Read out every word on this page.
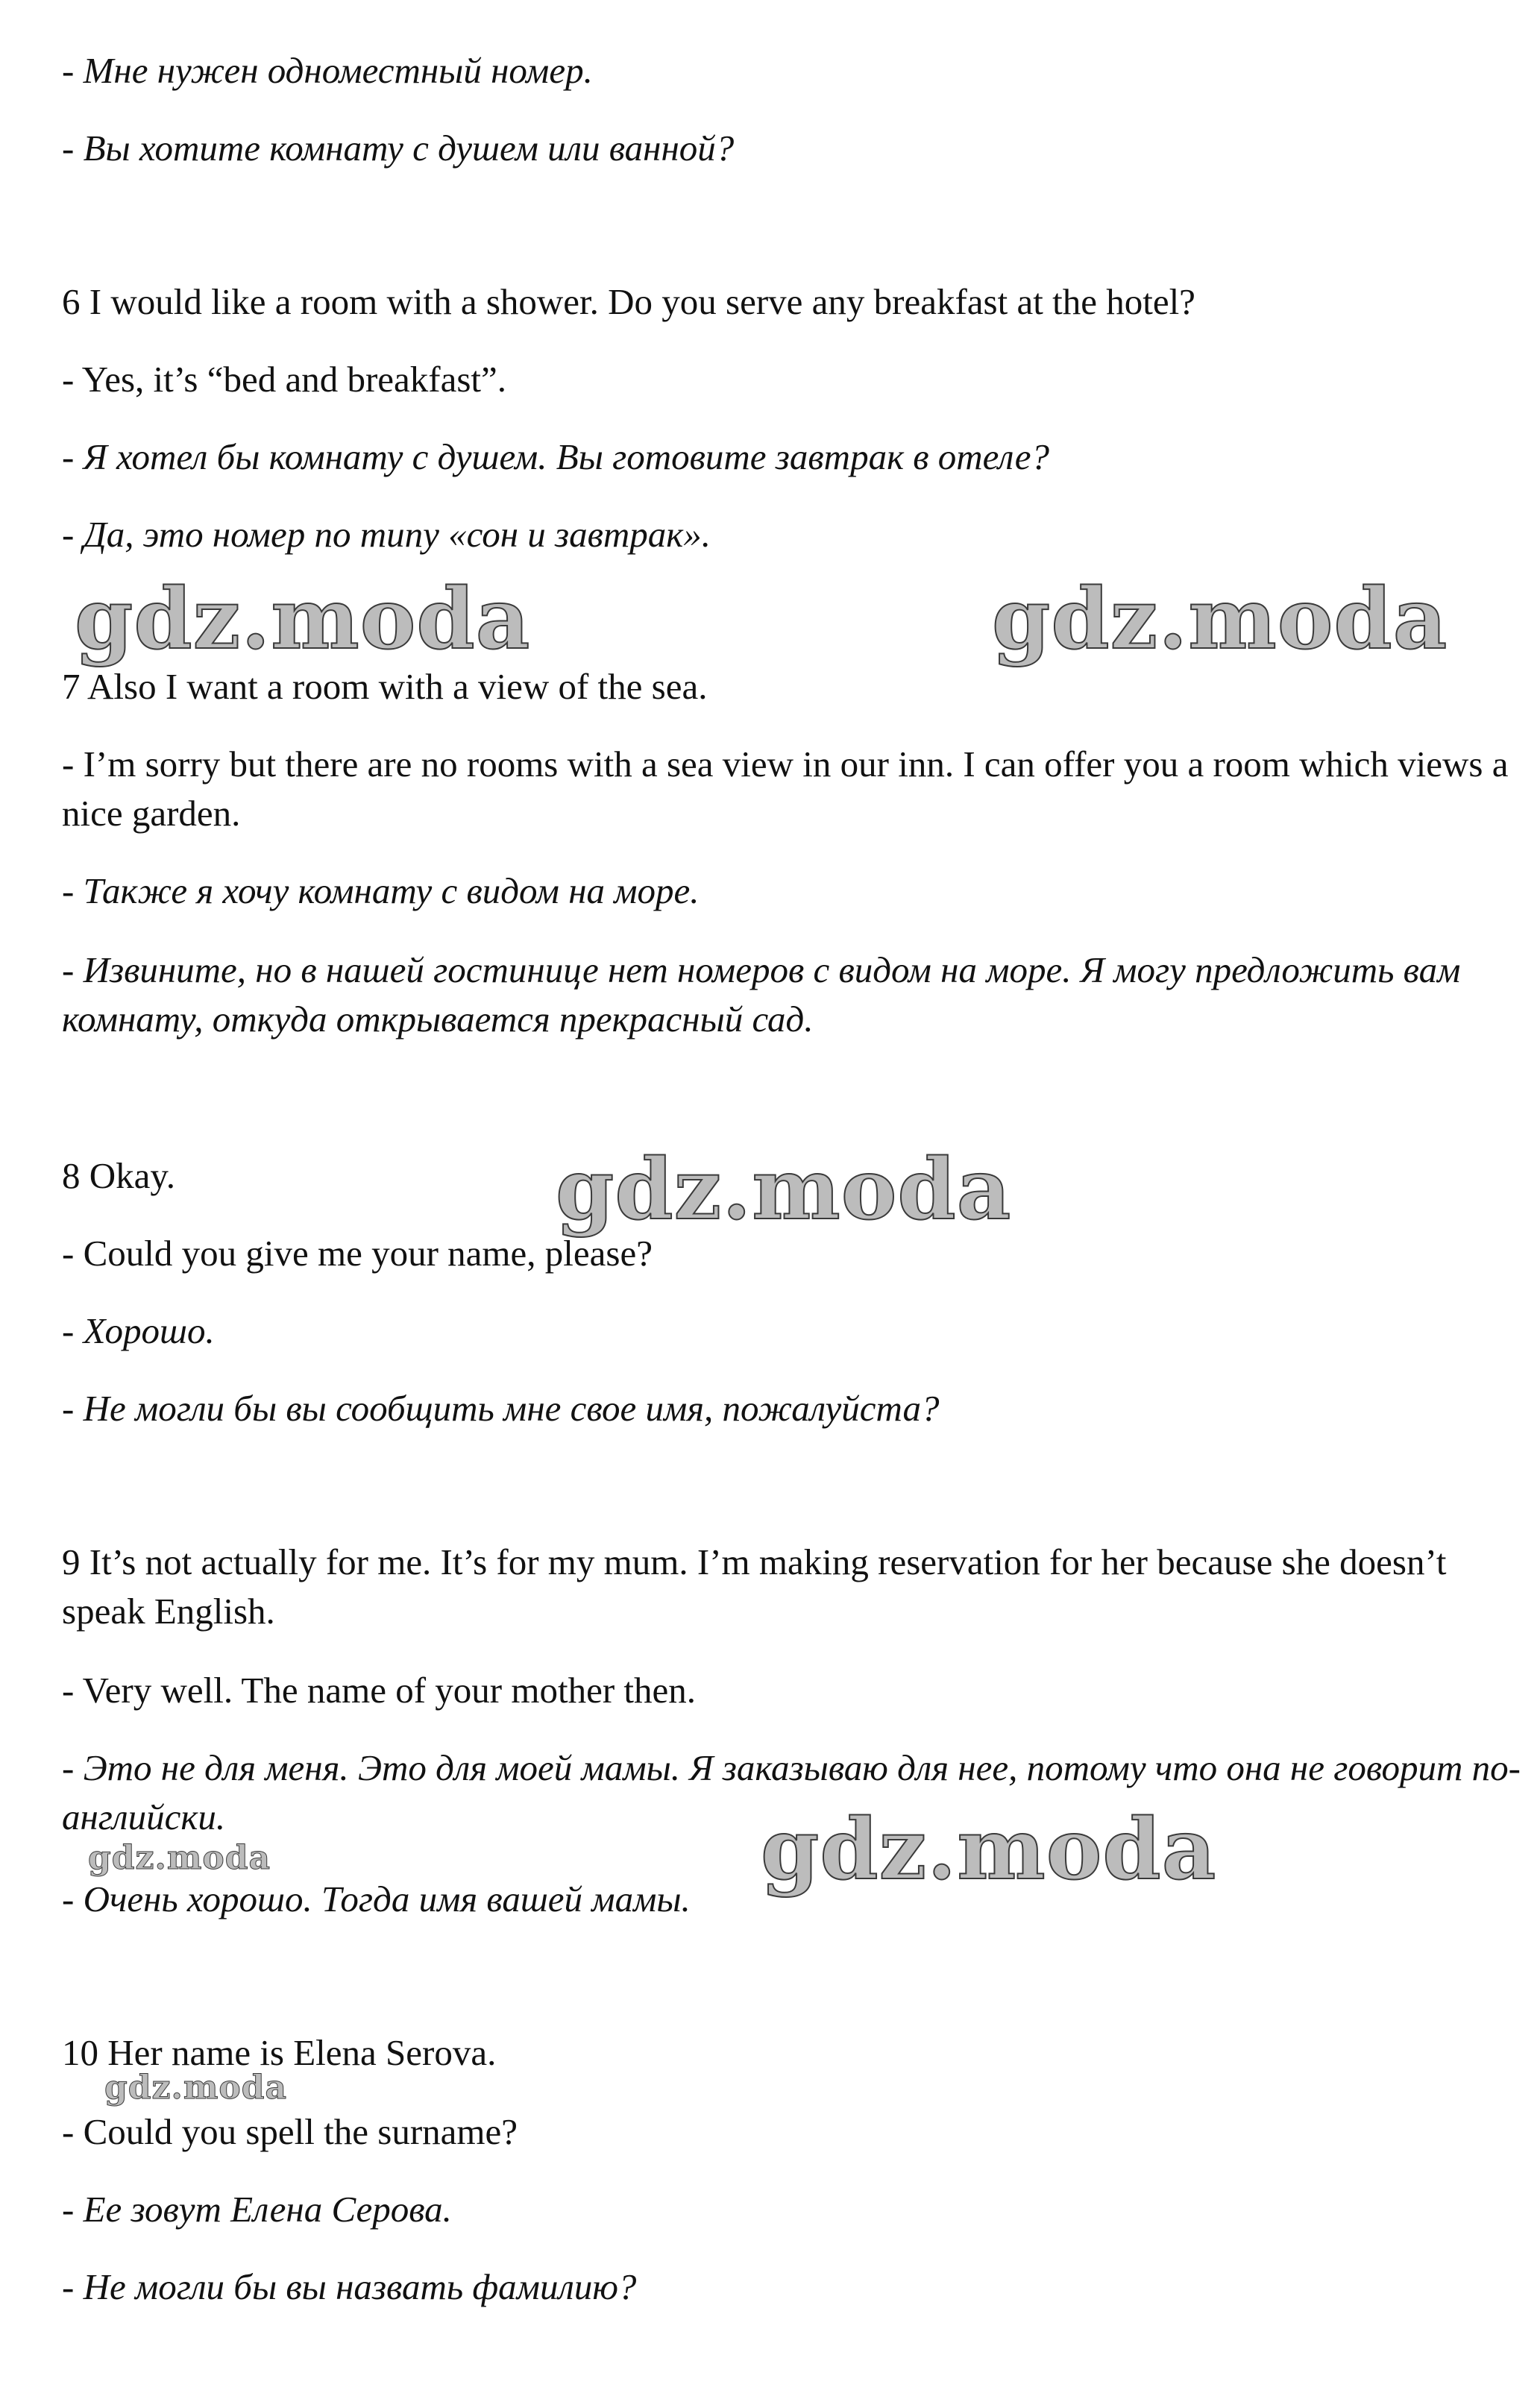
- Мне нужен одноместный номер.
- Вы хотите комнату с душем или ванной?
6 I would like a room with a shower. Do you serve any breakfast at the hotel?
- Yes, it’s “bed and breakfast”.
- Я хотел бы комнату с душем. Вы готовите завтрак в отеле?
- Да, это номер по типу «сон и завтрак».
gdz.moda	gdz.moda
7 Also I want a room with a view of the sea.
- I’m sorry but there are no rooms with a sea view in our inn. I can offer you a room which views a nice garden.
- Также я хочу комнату с видом на море.
- Извините, но в нашей гостинице нет номеров с видом на море. Я могу предложить вам комнату, откуда открывается прекрасный сад.
8 Okay.	gdz.moda
- Could you give me your name, please?
- Хорошо.
- Не могли бы вы сообщить мне свое имя, пожалуйста?
9 It’s not actually for me. It’s for my mum. I’m making reservation for her because she doesn’t speak English.
- Very well. The name of your mother then.
- Это не для меня. Это для моей мамы. Я заказываю для нее, потому что она не говорит по-английски.
gdz.moda	gdz.moda
- Очень хорошо. Тогда имя вашей мамы.
10 Her name is Elena Serova.
gdz.moda
- Could you spell the surname?
- Ее зовут Елена Серова.
- Не могли бы вы назвать фамилию?
